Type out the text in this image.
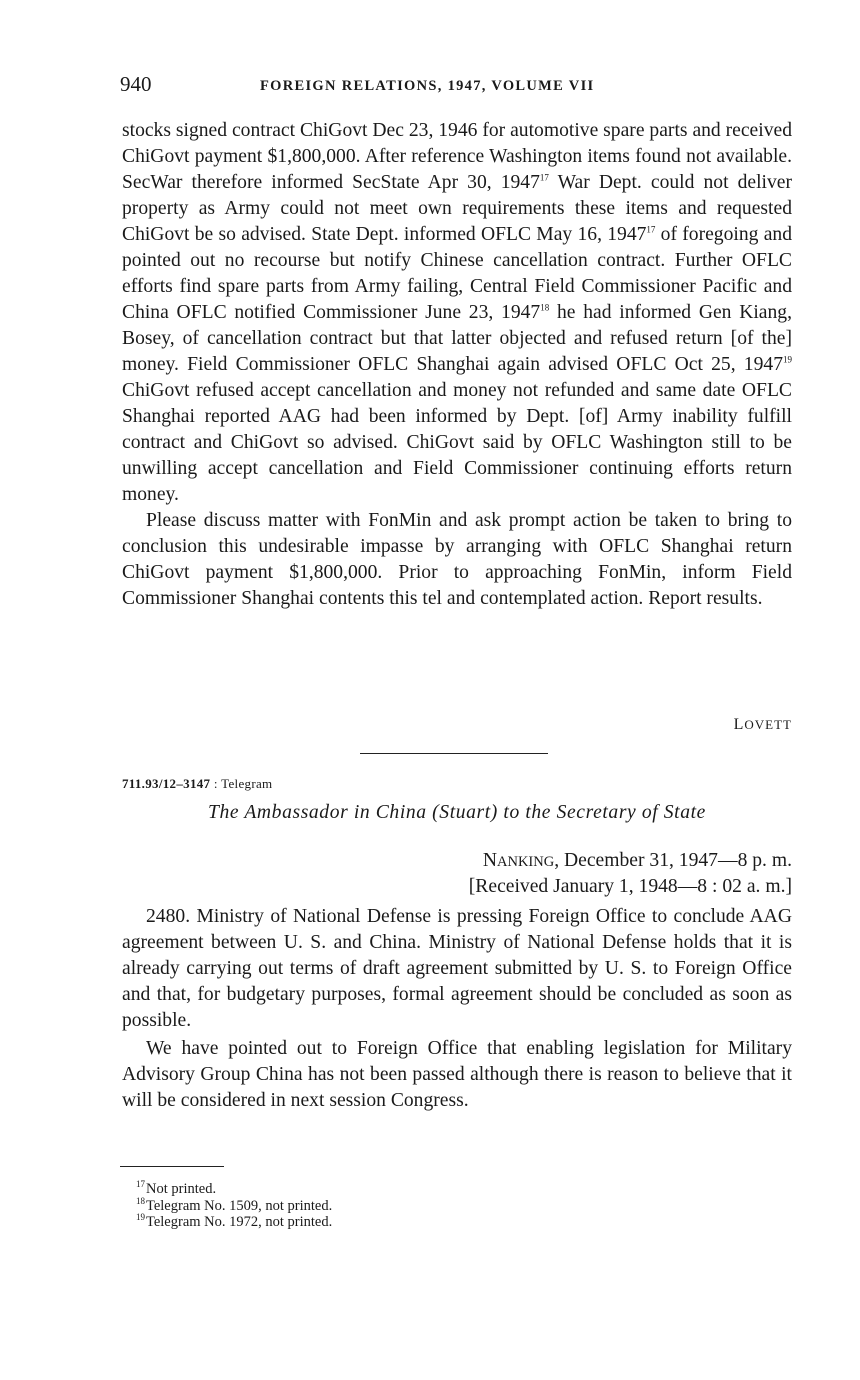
940	FOREIGN RELATIONS, 1947, VOLUME VII

stocks signed contract ChiGovt Dec 23, 1946 for automotive spare parts and received ChiGovt payment $1,800,000. After reference Washington items found not available. SecWar therefore informed SecState Apr 30, 1947$^{17}$ War Dept. could not deliver property as Army could not meet own requirements these items and requested ChiGovt be so advised. State Dept. informed OFLC May 16, 1947$^{17}$ of foregoing and pointed out no recourse but notify Chinese cancellation contract. Further OFLC efforts find spare parts from Army failing, Central Field Commissioner Pacific and China OFLC notified Commissioner June 23, 1947$^{18}$ he had informed Gen Kiang, Bosey, of cancellation contract but that latter objected and refused return [of the] money. Field Commissioner OFLC Shanghai again advised OFLC Oct 25, 1947$^{19}$ ChiGovt refused accept cancellation and money not refunded and same date OFLC Shanghai reported AAG had been informed by Dept. [of] Army inability fulfill contract and ChiGovt so advised. ChiGovt said by OFLC Washington still to be unwilling accept cancellation and Field Commissioner continuing efforts return money.

Please discuss matter with FonMin and ask prompt action be taken to bring to conclusion this undesirable impasse by arranging with OFLC Shanghai return ChiGovt payment $1,800,000. Prior to approaching FonMin, inform Field Commissioner Shanghai contents this tel and contemplated action. Report results.

LOVETT
711.93/12–3147 : Telegram
The Ambassador in China (Stuart) to the Secretary of State
NANKING, December 31, 1947—8 p. m.
[Received January 1, 1948—8 : 02 a. m.]

2480. Ministry of National Defense is pressing Foreign Office to conclude AAG agreement between U. S. and China. Ministry of National Defense holds that it is already carrying out terms of draft agreement submitted by U. S. to Foreign Office and that, for budgetary purposes, formal agreement should be concluded as soon as possible.

We have pointed out to Foreign Office that enabling legislation for Military Advisory Group China has not been passed although there is reason to believe that it will be considered in next session Congress.

$^{17}$Not printed.
$^{18}$Telegram No. 1509, not printed.
$^{19}$Telegram No. 1972, not printed.
